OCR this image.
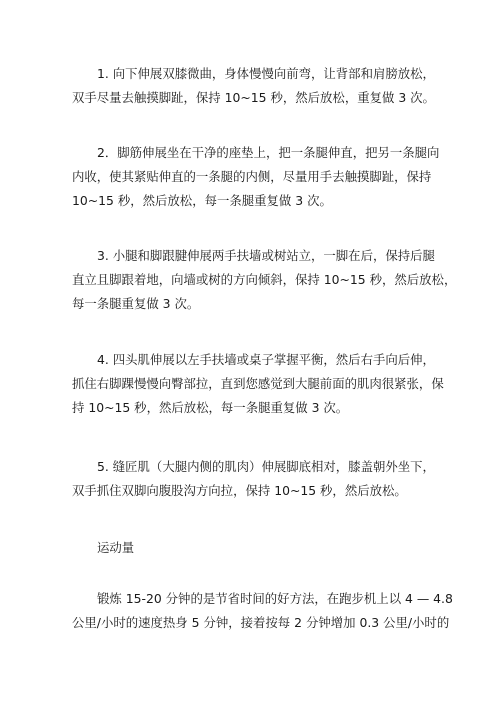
1. 向下伸展双膝微曲，身体慢慢向前弯，让背部和肩膀放松，
双手尽量去触摸脚趾，保持 10~15 秒，然后放松，重复做 3 次。
2．脚筋伸展坐在干净的座垫上，把一条腿伸直，把另一条腿向
内收，使其紧贴伸直的一条腿的内侧，尽量用手去触摸脚趾，保持
10~15 秒，然后放松，每一条腿重复做 3 次。
3. 小腿和脚跟腱伸展两手扶墙或树站立，一脚在后，保持后腿
直立且脚跟着地，向墙或树的方向倾斜，保持 10~15 秒，然后放松，
每一条腿重复做 3 次。
4. 四头肌伸展以左手扶墙或桌子掌握平衡，然后右手向后伸，
抓住右脚踝慢慢向臀部拉，直到您感觉到大腿前面的肌肉很紧张，保
持 10~15 秒，然后放松，每一条腿重复做 3 次。
5. 缝匠肌（大腿内侧的肌肉）伸展脚底相对，膝盖朝外坐下，
双手抓住双脚向腹股沟方向拉，保持 10~15 秒，然后放松。
运动量
锻炼 15-20 分钟的是节省时间的好方法，在跑步机上以 4 — 4.8
公里/小时的速度热身 5 分钟，接着按每 2 分钟增加 0.3 公里/小时的
